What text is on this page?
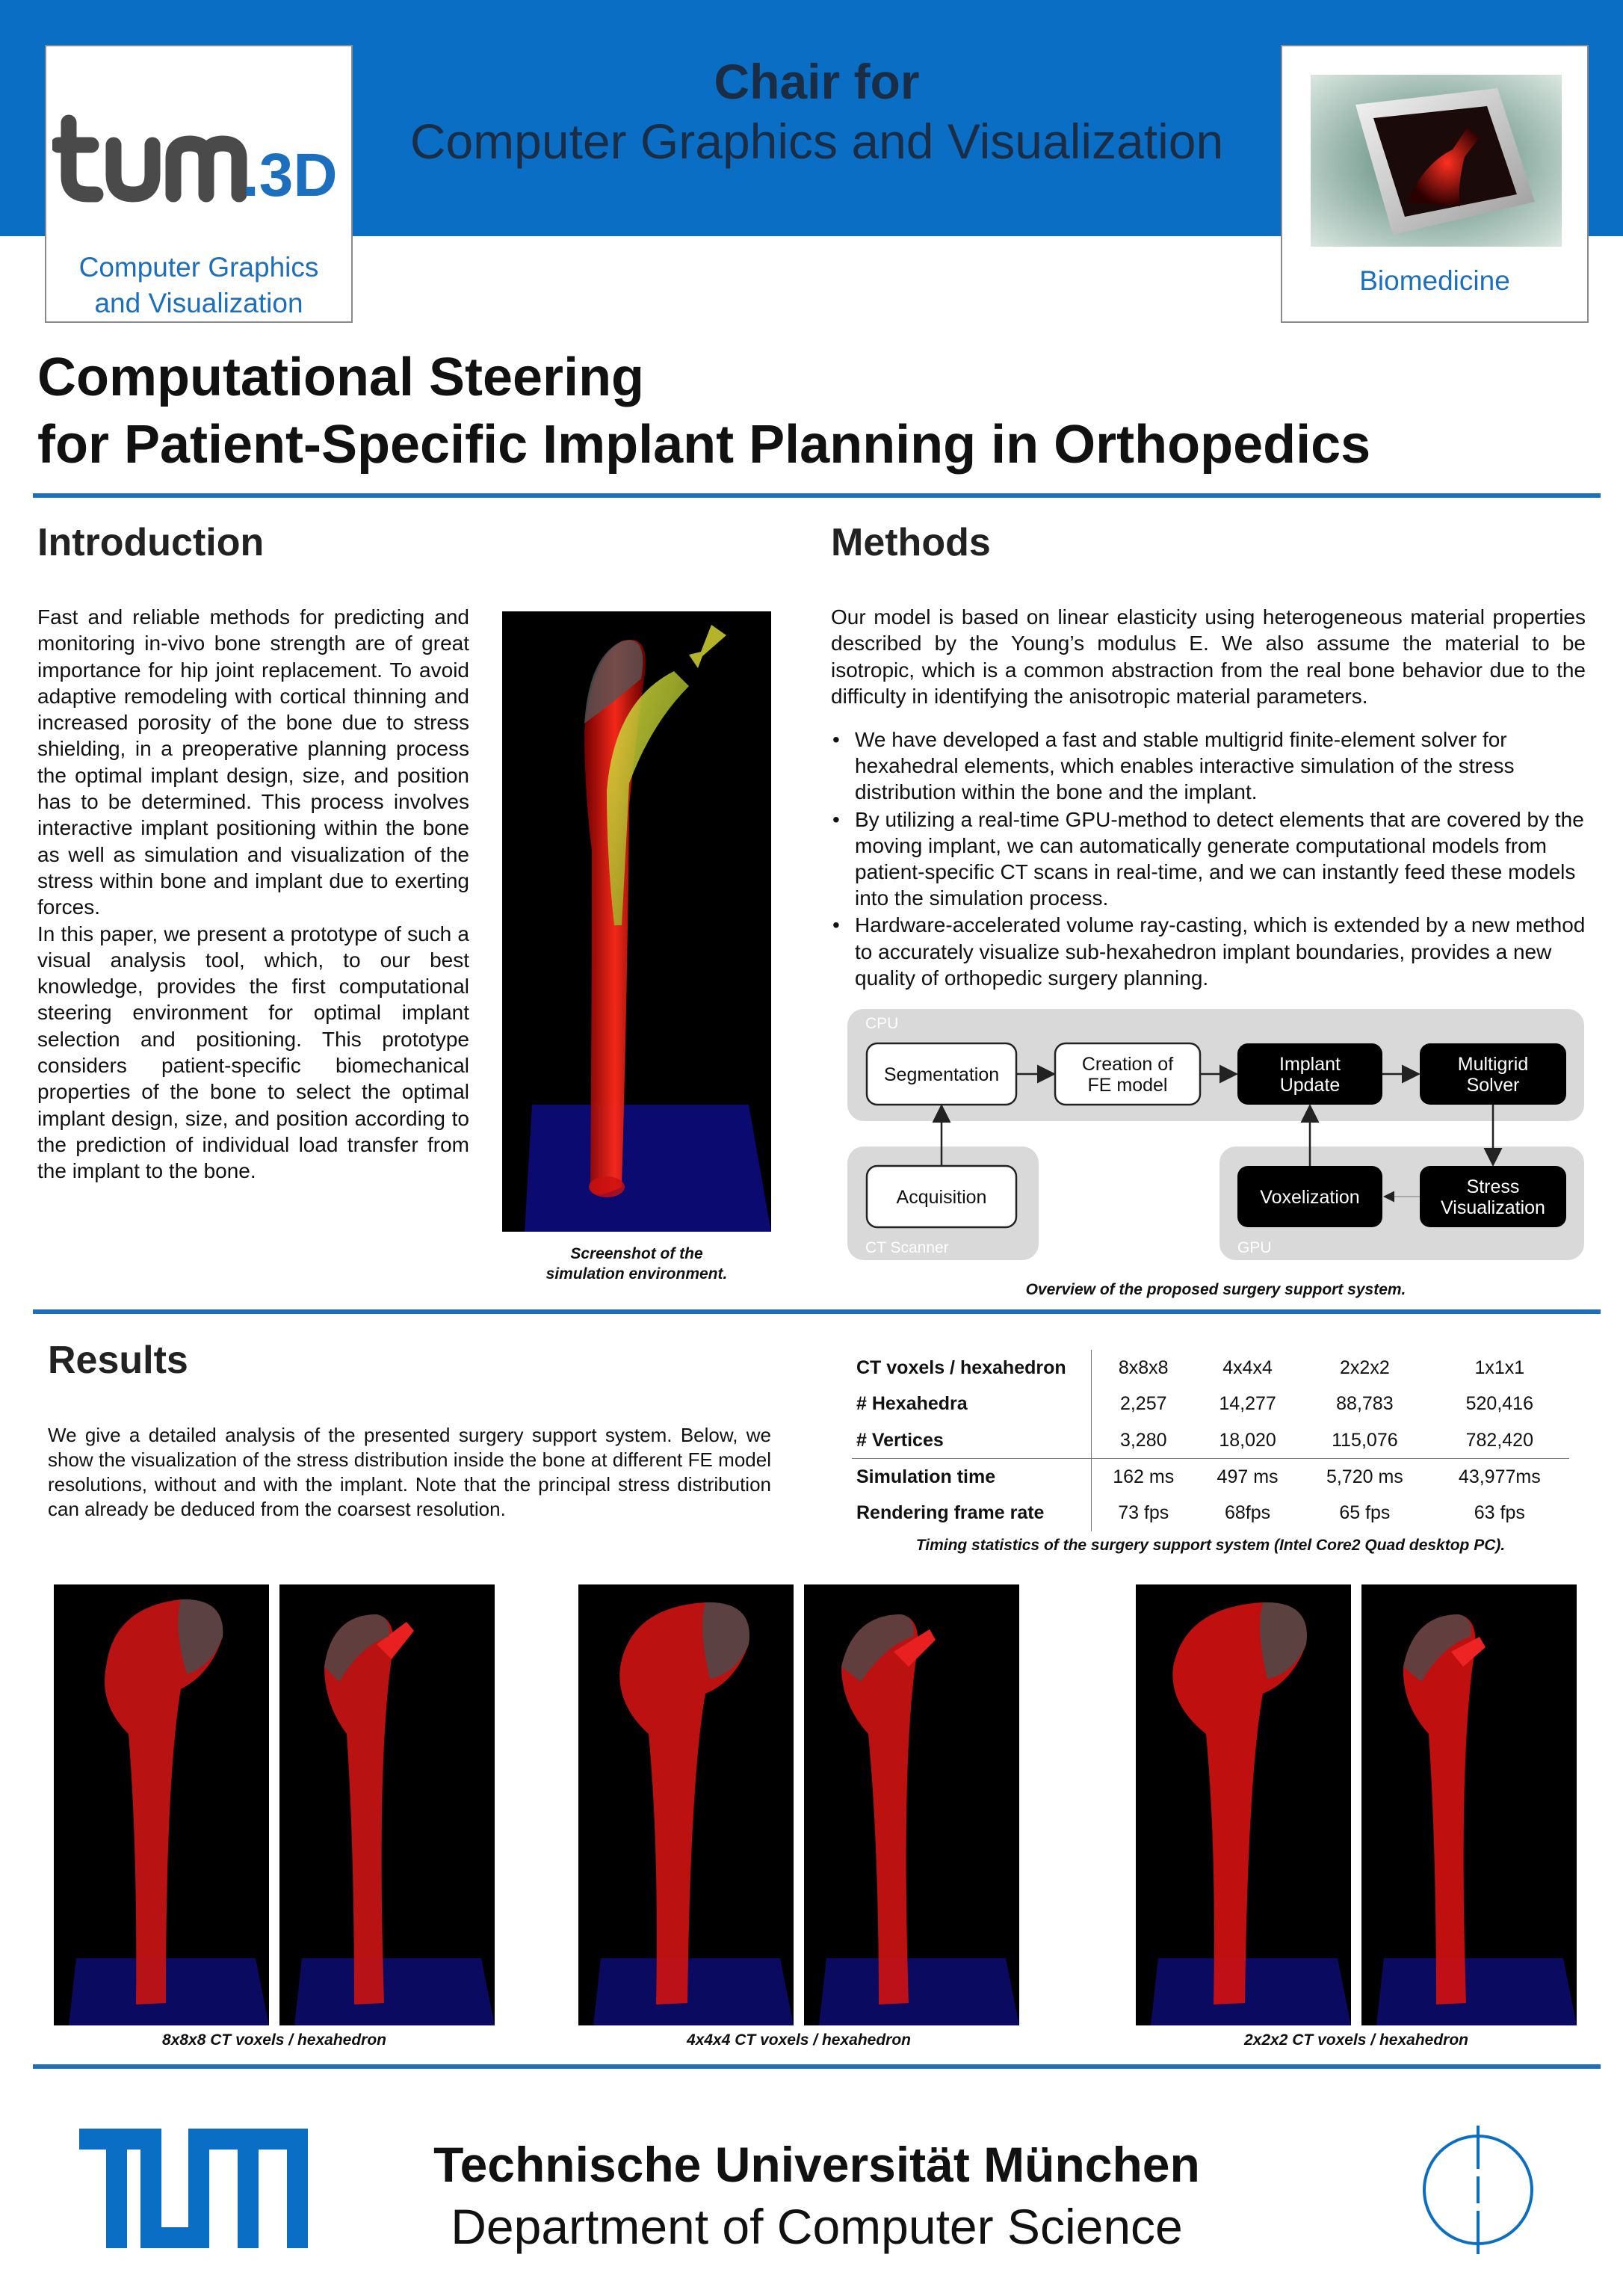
.3D
Computer Graphics
and Visualization
Chair for
Computer Graphics and Visualization
Biomedicine
Computational Steering
for Patient-Specific Implant Planning in Orthopedics
Introduction

Fast and reliable methods for predicting and monitoring in-vivo bone strength are of great importance for hip joint replacement. To avoid adaptive remodeling with cortical thinning and increased porosity of the bone due to stress shielding, in a preoperative planning process the optimal implant design, size, and position has to be determined. This process involves interactive implant positioning within the bone as well as simulation and visualization of the stress within bone and implant due to exerting forces.

In this paper, we present a prototype of such a visual analysis tool, which, to our best knowledge, provides the first computational steering environment for optimal implant selection and positioning. This prototype considers patient-specific biomechanical properties of the bone to select the optimal implant design, size, and position according to the prediction of individual load transfer from the implant to the bone.

Screenshot of the
simulation environment.
Methods
Our model is based on linear elasticity using heterogeneous material properties described by the Young’s modulus E. We also assume the material to be isotropic, which is a common abstraction from the real bone behavior due to the difficulty in identifying the anisotropic material parameters.
• We have developed a fast and stable multigrid finite-element solver for hexahedral elements, which enables interactive simulation of the stress distribution within the bone and the implant.
• By utilizing a real-time GPU-method to detect elements that are covered by the moving implant, we can automatically generate computational models from patient-specific CT scans in real-time, and we can instantly feed these models into the simulation process.
• Hardware-accelerated volume ray-casting, which is extended by a new method to accurately visualize sub-hexahedron implant boundaries, provides a new quality of orthopedic surgery planning.
CPU
CT Scanner	GPU
Segmentation	Creation of
FE model
Implant
Update
Multigrid
Solver
Acquisition	Voxelization	Stress
Visualization
Overview of the proposed surgery support system.
Results
We give a detailed analysis of the presented surgery support system. Below, we show the visualization of the stress distribution inside the bone at different FE model resolutions, without and with the implant. Note that the principal stress distribution can already be deduced from the coarsest resolution.
CT voxels / hexahedron	8x8x8	4x4x4	2x2x2	1x1x1
# Hexahedra	2,257	14,277	88,783	520,416
# Vertices	3,280	18,020	115,076	782,420
Simulation time	162 ms	497 ms	5,720 ms	43,977ms
Rendering frame rate	73 fps	68fps	65 fps	63 fps
Timing statistics of the surgery support system (Intel Core2 Quad desktop PC).
8x8x8 CT voxels / hexahedron	4x4x4 CT voxels / hexahedron	2x2x2 CT voxels / hexahedron
Technische Universität München
Department of Computer Science
